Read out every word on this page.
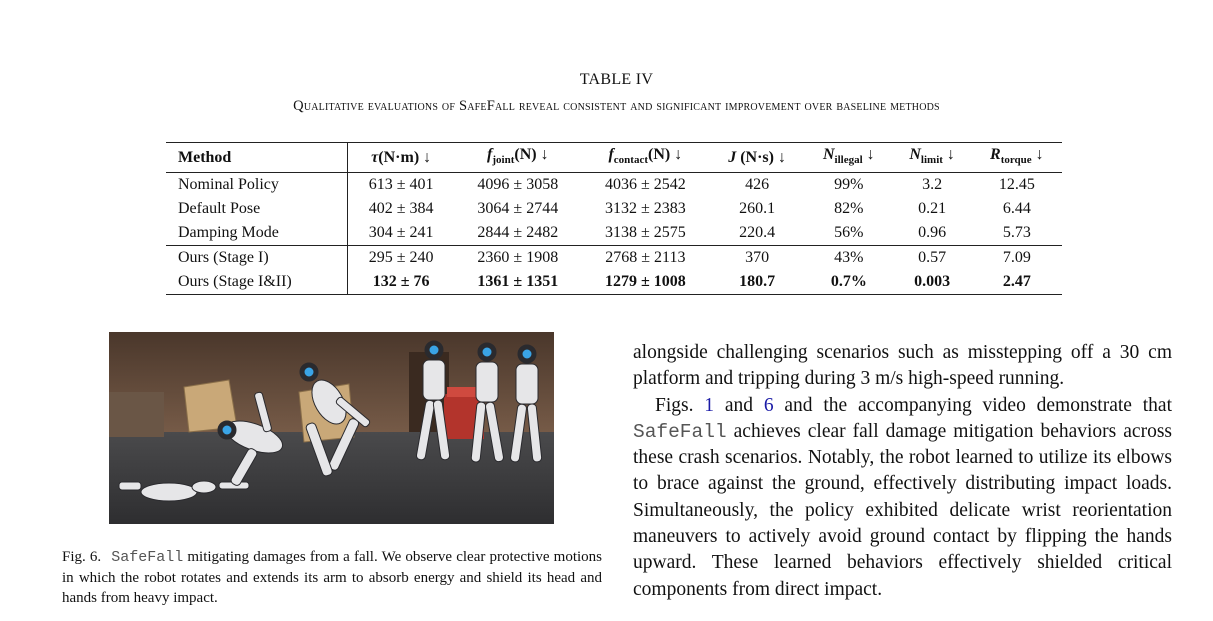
TABLE IV
Qualitative evaluations of SafeFall reveal consistent and significant improvement over baseline methods
Method	τ(N·m) ↓	$f_{joint}(N)$ ↓	$f_{contact}(N)$ ↓	J (N·s) ↓	$N_{illegal}$ ↓	$N_{limit}$ ↓	$R_{torque}$ ↓
Nominal Policy	613 ± 401	4096 ± 3058	4036 ± 2542	426	99%	3.2	12.45
Default Pose	402 ± 384	3064 ± 2744	3132 ± 2383	260.1	82%	0.21	6.44
Damping Mode	304 ± 241	2844 ± 2482	3138 ± 2575	220.4	56%	0.96	5.73
Ours (Stage I)	295 ± 240	2360 ± 1908	2768 ± 2113	370	43%	0.57	7.09
Ours (Stage I&II)	132 ± 76	1361 ± 1351	1279 ± 1008	180.7	0.7%	0.003	2.47
Fig. 6. SafeFall mitigating damages from a fall. We observe clear protective motions in which the robot rotates and extends its arm to absorb energy and shield its head and hands from heavy impact.

alongside challenging scenarios such as misstepping off a 30 cm platform and tripping during 3 m/s high-speed running.

Figs. 1 and 6 and the accompanying video demonstrate that SafeFall achieves clear fall damage mitigation behaviors across these crash scenarios. Notably, the robot learned to utilize its elbows to brace against the ground, effectively distributing impact loads. Simultaneously, the policy exhibited delicate wrist reorientation maneuvers to actively avoid ground contact by flipping the hands upward. These learned behaviors effectively shielded critical components from direct impact.
